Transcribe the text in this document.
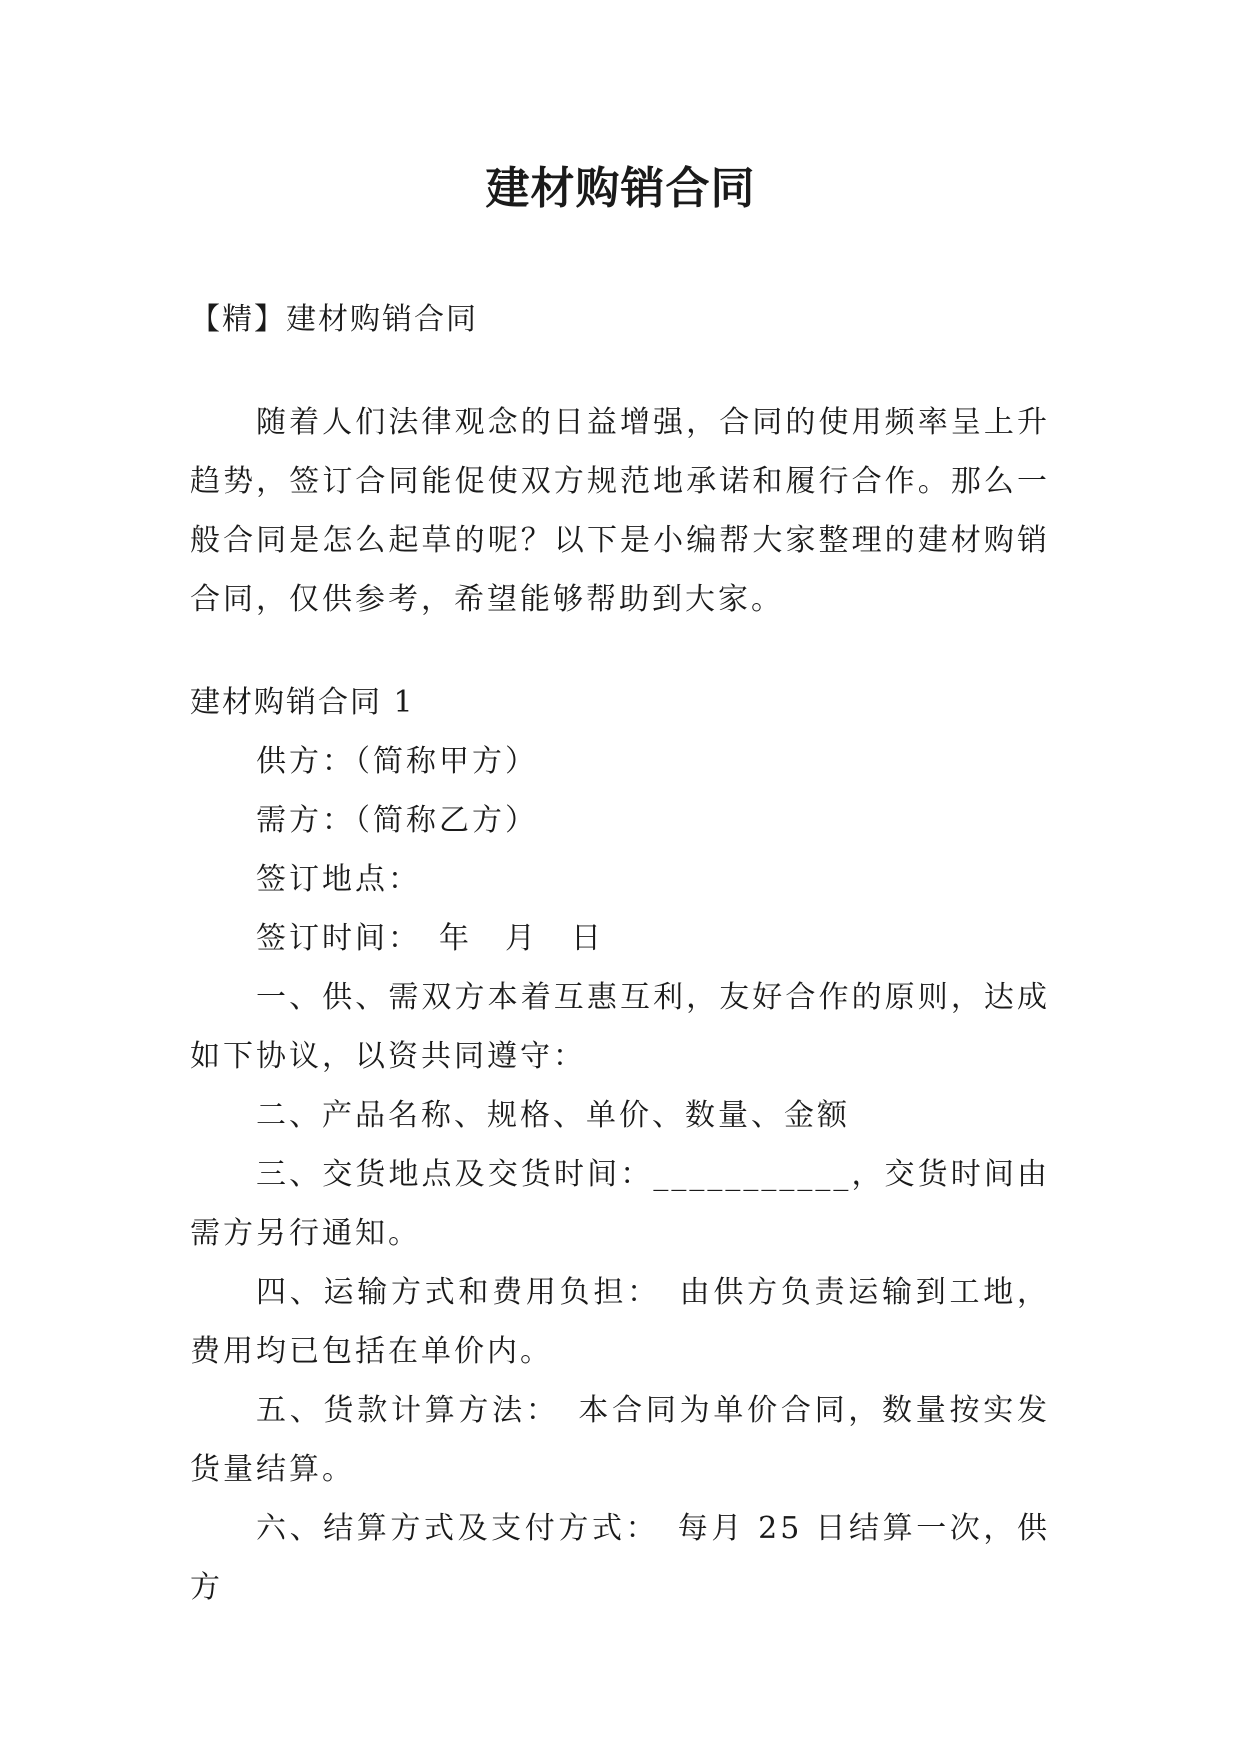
建材购销合同

【精】建材购销合同

随着人们法律观念的日益增强，合同的使用频率呈上升趋势，签订合同能促使双方规范地承诺和履行合作。那么一般合同是怎么起草的呢？以下是小编帮大家整理的建材购销合同，仅供参考，希望能够帮助到大家。

建材购销合同 1

供方：（简称甲方）

需方：（简称乙方）

签订地点：

签订时间：　年　月　日

一、供、需双方本着互惠互利，友好合作的原则，达成如下协议，以资共同遵守：

二、产品名称、规格、单价、数量、金额

三、交货地点及交货时间：___________，交货时间由需方另行通知。

四、运输方式和费用负担：　由供方负责运输到工地，费用均已包括在单价内。

五、货款计算方法：　本合同为单价合同，数量按实发货量结算。

六、结算方式及支付方式：　每月 25 日结算一次，供方
